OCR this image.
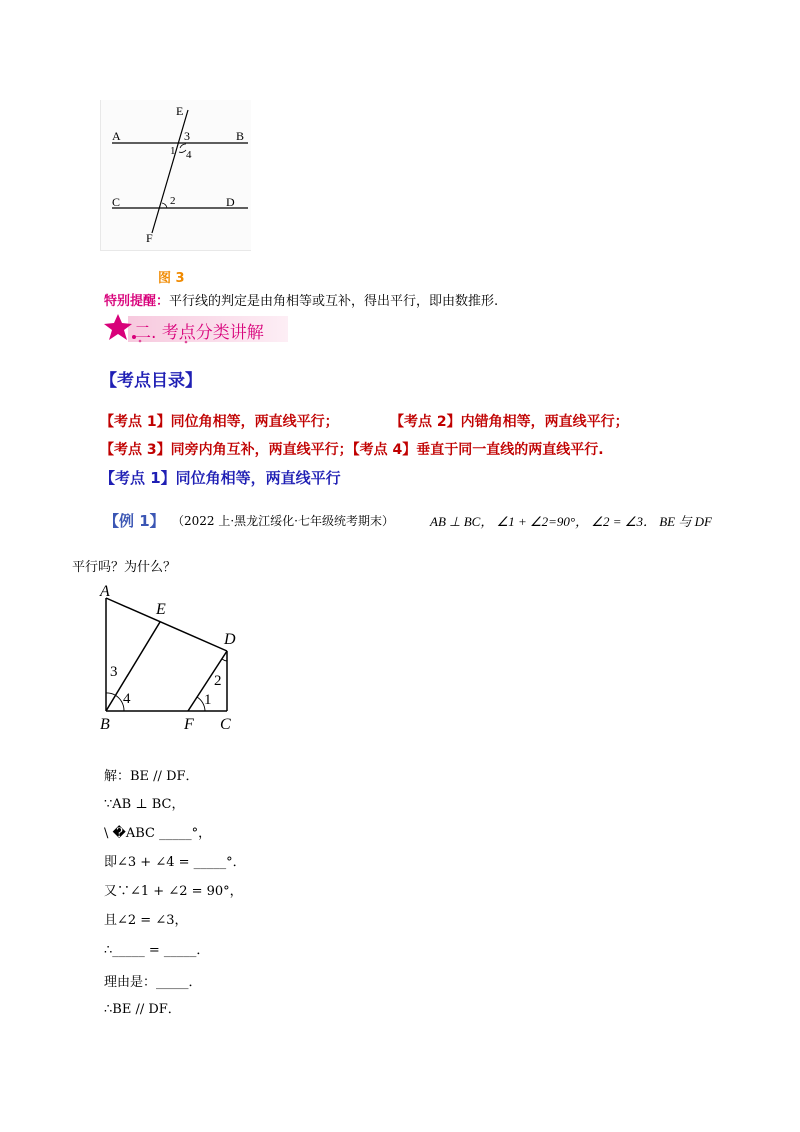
E
A	3	B
1 4
C	2	D
F
图 3
特别提醒：平行线的判定是由角相等或互补，得出平行，即由数推形.
二. 考点分类讲解
【考点目录】
【考点 1】同位角相等，两直线平行；	【考点 2】内错角相等，两直线平行；
【考点 3】同旁内角互补，两直线平行；【考点 4】垂直于同一直线的两直线平行.
【考点 1】同位角相等，两直线平行
【例 1】 （2022 上·黑龙江绥化·七年级统考期末）	AB ⊥ BC， ∠1 + ∠2=90°， ∠2 = ∠3． BE 与 DF
平行吗？为什么？
A
E
D
3
2
4	1
B	F C
解：BE // DF．
∵AB ⊥ BC，
\ �ABC _____°，
即∠3 + ∠4 = _____°．
又∵∠1 + ∠2 = 90°，
且∠2 = ∠3，
∴_____ = _____．
理由是：_____．
∴BE // DF．
